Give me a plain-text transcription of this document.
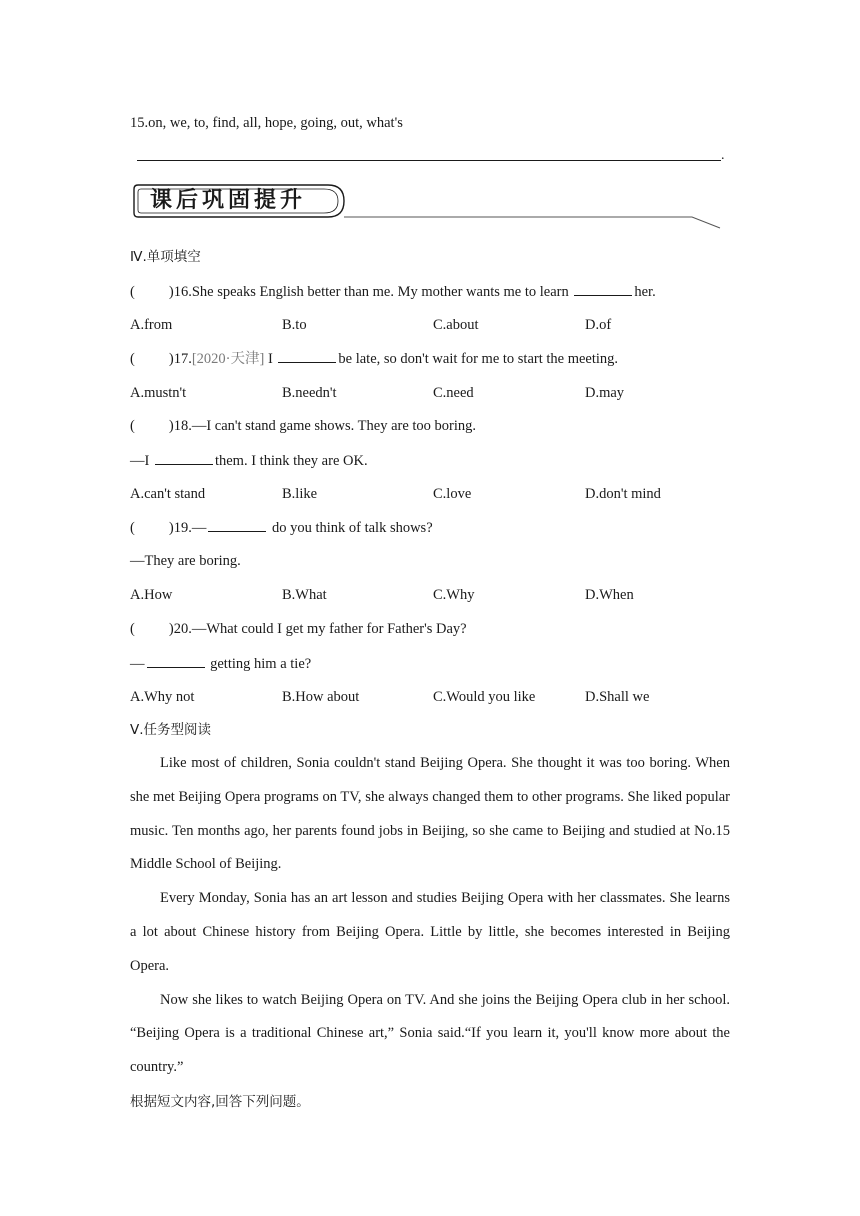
15.on, we, to, find, all, hope, going, out, what's
.
课后巩固提升
Ⅳ.单项填空
( )16.She speaks English better than me. My mother wants me to learn	her.
A.from	B.to	C.about	D.of
( )17.[2020·天津] I	be late, so don't wait for me to start the meeting.
A.mustn't	B.needn't	C.need	D.may
( )18.—I can't stand game shows. They are too boring.
—I	them. I think they are OK.
A.can't stand	B.like	C.love	D.don't mind
( )19.—	do you think of talk shows?
—They are boring.
A.How	B.What	C.Why	D.When
( )20.—What could I get my father for Father's Day?
—	getting him a tie?
A.Why not	B.How about	C.Would you like	D.Shall we
Ⅴ.任务型阅读

Like most of children, Sonia couldn't stand Beijing Opera. She thought it was too boring. When she met Beijing Opera programs on TV, she always changed them to other programs. She liked popular music. Ten months ago, her parents found jobs in Beijing, so she came to Beijing and studied at No.15 Middle School of Beijing.

Every Monday, Sonia has an art lesson and studies Beijing Opera with her classmates. She learns a lot about Chinese history from Beijing Opera. Little by little, she becomes interested in Beijing Opera.

Now she likes to watch Beijing Opera on TV. And she joins the Beijing Opera club in her school. “Beijing Opera is a traditional Chinese art,” Sonia said.“If you learn it, you'll know more about the country.”

根据短文内容,回答下列问题。
